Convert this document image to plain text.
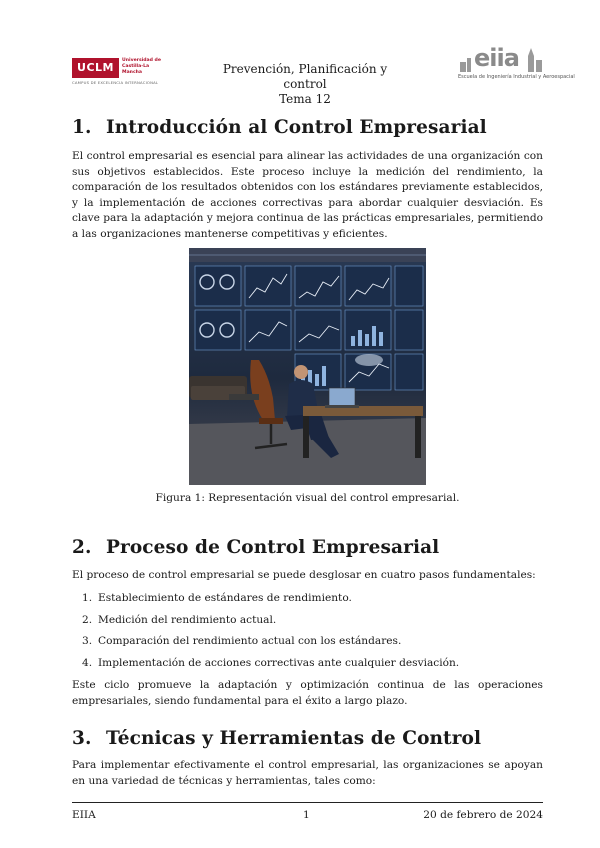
UCLM
Universidad de
Castilla-La Mancha
CAMPUS DE EXCELENCIA INTERNACIONAL
Prevención, Planificación y control
Tema 12
eiia
Escuela de Ingeniería Industrial y Aeroespacial
1. Introducción al Control Empresarial

El control empresarial es esencial para alinear las actividades de una organización con sus objetivos establecidos. Este proceso incluye la medición del rendimiento, la comparación de los resultados obtenidos con los estándares previamente establecidos, y la implementación de acciones correctivas para abordar cualquier desviación. Es clave para la adaptación y mejora continua de las prácticas empresariales, permitiendo a las organizaciones mantenerse competitivas y eficientes.

Figura 1: Representación visual del control empresarial.
2. Proceso de Control Empresarial

El proceso de control empresarial se puede desglosar en cuatro pasos fundamentales:

1. Establecimiento de estándares de rendimiento.
2. Medición del rendimiento actual.
3. Comparación del rendimiento actual con los estándares.
4. Implementación de acciones correctivas ante cualquier desviación.

Este ciclo promueve la adaptación y optimización continua de las operaciones empresariales, siendo fundamental para el éxito a largo plazo.

3. Técnicas y Herramientas de Control

Para implementar efectivamente el control empresarial, las organizaciones se apoyan en una variedad de técnicas y herramientas, tales como:

EIIA	1	20 de febrero de 2024
